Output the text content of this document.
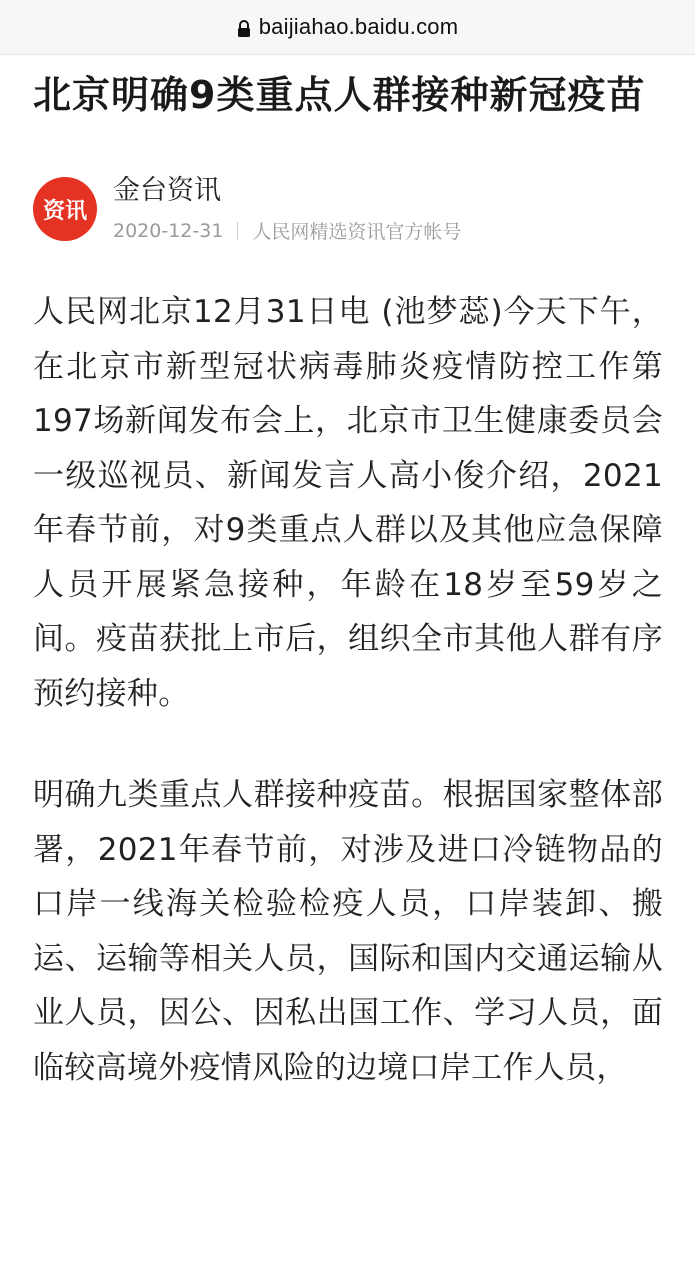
baijiahao.baidu.com
北京明确9类重点人群接种新冠疫苗
资讯
金台资讯
2020-12-31 人民网精选资讯官方帐号

人民网北京12月31日电 (池梦蕊)今天下午，在北京市新型冠状病毒肺炎疫情防控工作第197场新闻发布会上，北京市卫生健康委员会一级巡视员、新闻发言人高小俊介绍，2021年春节前，对9类重点人群以及其他应急保障人员开展紧急接种，年龄在18岁至59岁之间。疫苗获批上市后，组织全市其他人群有序预约接种。

明确九类重点人群接种疫苗。根据国家整体部署，2021年春节前，对涉及进口冷链物品的口岸一线海关检验检疫人员，口岸装卸、搬运、运输等相关人员，国际和国内交通运输从业人员，因公、因私出国工作、学习人员，面临较高境外疫情风险的边境口岸工作人员，
